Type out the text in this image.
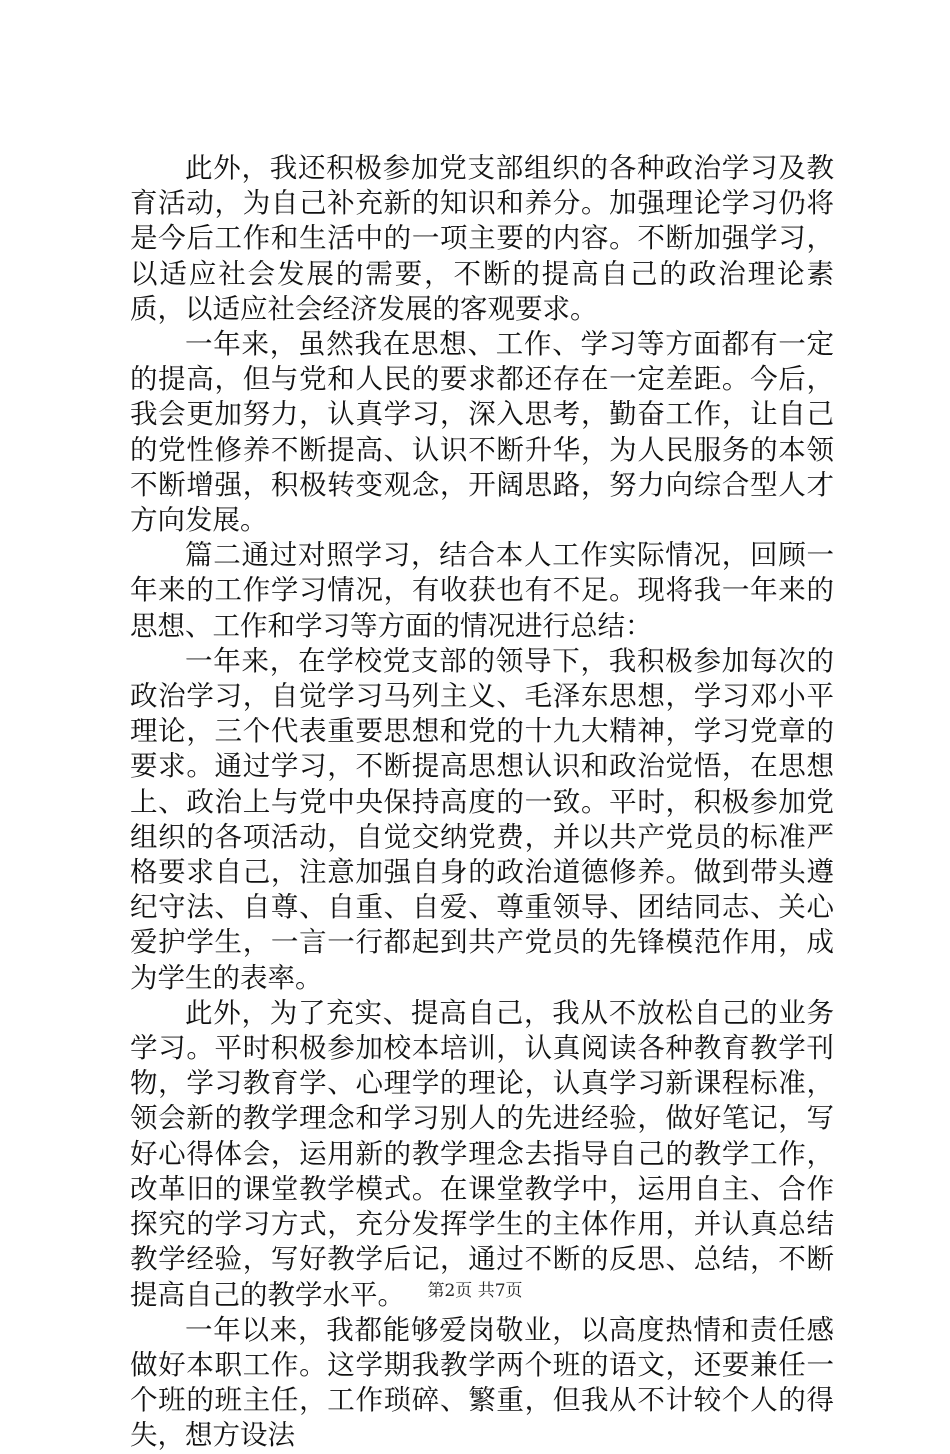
此外，我还积极参加党支部组织的各种政治学习及教育活动，为自己补充新的知识和养分。加强理论学习仍将是今后工作和生活中的一项主要的内容。不断加强学习，以适应社会发展的需要，不断的提高自己的政治理论素质，以适应社会经济发展的客观要求。

一年来，虽然我在思想、工作、学习等方面都有一定的提高，但与党和人民的要求都还存在一定差距。今后，我会更加努力，认真学习，深入思考，勤奋工作，让自己的党性修养不断提高、认识不断升华，为人民服务的本领不断增强，积极转变观念，开阔思路，努力向综合型人才方向发展。

篇二通过对照学习，结合本人工作实际情况，回顾一年来的工作学习情况，有收获也有不足。现将我一年来的思想、工作和学习等方面的情况进行总结：

一年来，在学校党支部的领导下，我积极参加每次的政治学习，自觉学习马列主义、毛泽东思想，学习邓小平理论，三个代表重要思想和党的十九大精神，学习党章的要求。通过学习，不断提高思想认识和政治觉悟，在思想上、政治上与党中央保持高度的一致。平时，积极参加党组织的各项活动，自觉交纳党费，并以共产党员的标准严格要求自己，注意加强自身的政治道德修养。做到带头遵纪守法、自尊、自重、自爱、尊重领导、团结同志、关心爱护学生，一言一行都起到共产党员的先锋模范作用，成为学生的表率。

此外，为了充实、提高自己，我从不放松自己的业务学习。平时积极参加校本培训，认真阅读各种教育教学刊物，学习教育学、心理学的理论，认真学习新课程标准，领会新的教学理念和学习别人的先进经验，做好笔记，写好心得体会，运用新的教学理念去指导自己的教学工作，改革旧的课堂教学模式。在课堂教学中，运用自主、合作探究的学习方式，充分发挥学生的主体作用，并认真总结教学经验，写好教学后记，通过不断的反思、总结，不断提高自己的教学水平。

一年以来，我都能够爱岗敬业，以高度热情和责任感做好本职工作。这学期我教学两个班的语文，还要兼任一个班的班主任，工作琐碎、繁重，但我从不计较个人的得失，想方设法

第2页 共7页
